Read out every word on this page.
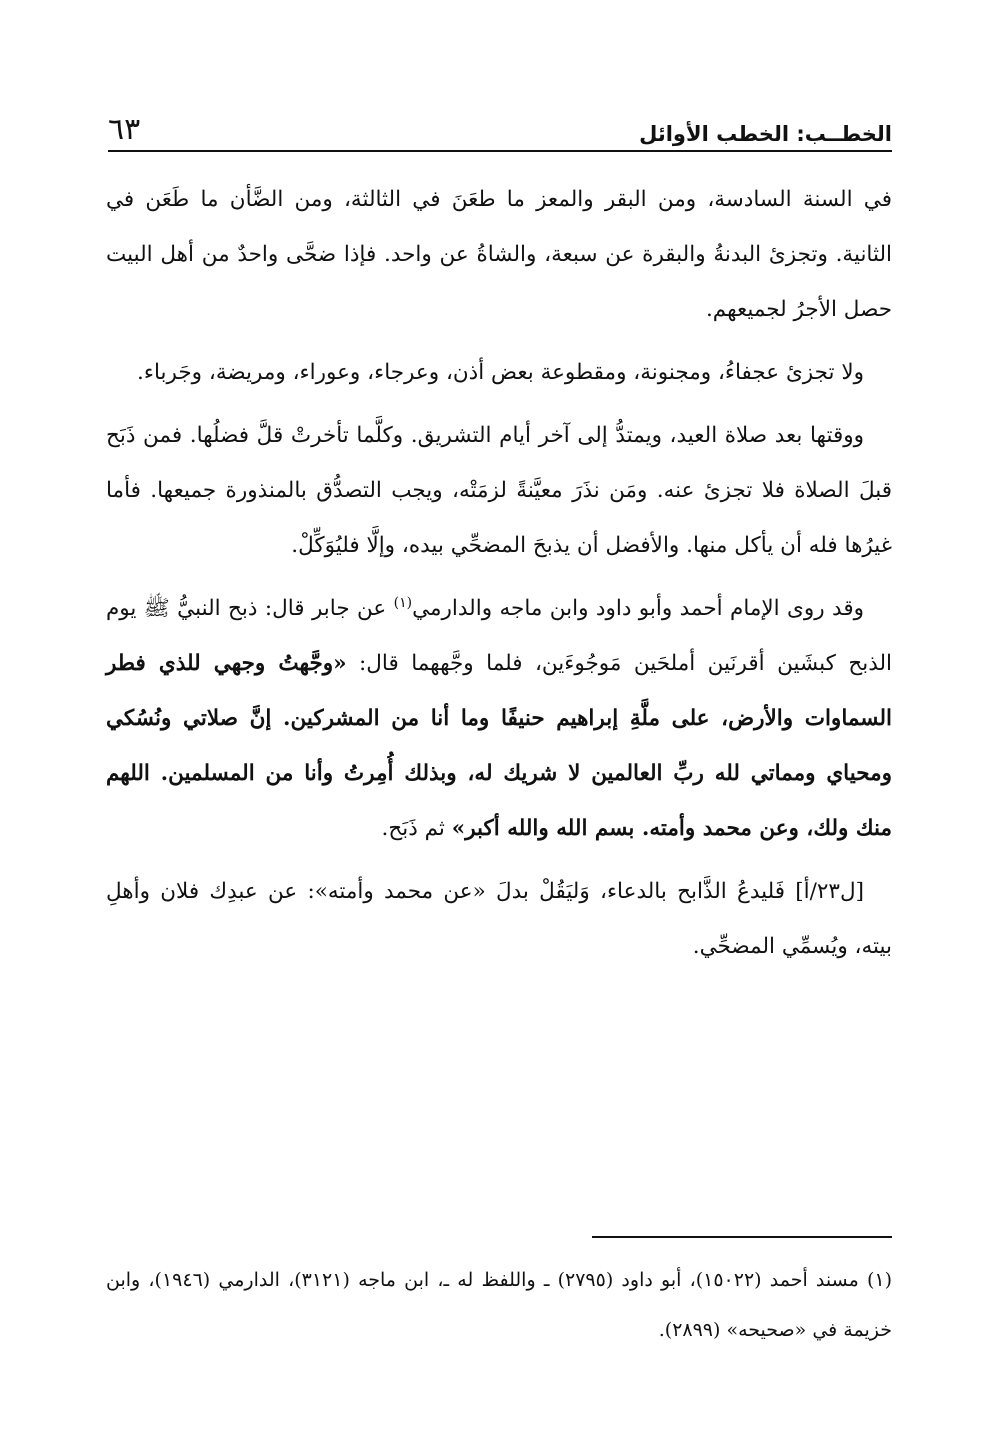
الخطــب: الخطب الأوائل
٦٣

في السنة السادسة، ومن البقر والمعز ما طعَنَ في الثالثة، ومن الضَّأن ما طَعَن في الثانية. وتجزئ البدنةُ والبقرة عن سبعة، والشاةُ عن واحد. فإذا ضحَّى واحدٌ من أهل البيت حصل الأجرُ لجميعهم.

ولا تجزئ عجفاءُ، ومجنونة، ومقطوعة بعض أذن، وعرجاء، وعوراء، ومريضة، وجَرباء.

ووقتها بعد صلاة العيد، ويمتدُّ إلى آخر أيام التشريق. وكلَّما تأخرتْ قلَّ فضلُها. فمن ذَبَح قبلَ الصلاة فلا تجزئ عنه. ومَن نذَرَ معيَّنةً لزمَتْه، ويجب التصدُّق بالمنذورة جميعها. فأما غيرُها فله أن يأكل منها. والأفضل أن يذبحَ المضحِّي بيده، وإلَّا فليُوَكِّلْ.

وقد روى الإمام أحمد وأبو داود وابن ماجه والدارمي$^{(١)}$ عن جابر قال: ذبح النبيُّ ﷺ يوم الذبح كبشَين أقرنَين أملحَين مَوجُوءَين، فلما وجَّههما قال: «وجَّهتُ وجهي للذي فطر السماوات والأرض، على ملَّةِ إبراهيم حنيفًا وما أنا من المشركين. إنَّ صلاتي ونُسُكي ومحياي ومماتي لله ربِّ العالمين لا شريك له، وبذلك أُمِرتُ وأنا من المسلمين. اللهم منك ولك، وعن محمد وأمته. بسم الله والله أكبر» ثم ذَبَح.

[ل٢٣/أ] فَليدعُ الذَّابح بالدعاء، وَليَقُلْ بدلَ «عن محمد وأمته»: عن عبدِك فلان وأهلِ بيته، ويُسمِّي المضحِّي.

(١) مسند أحمد (١٥٠٢٢)، أبو داود (٢٧٩٥) ـ واللفظ له ـ، ابن ماجه (٣١٢١)، الدارمي (١٩٤٦)، وابن خزيمة في «صحيحه» (٢٨٩٩).
